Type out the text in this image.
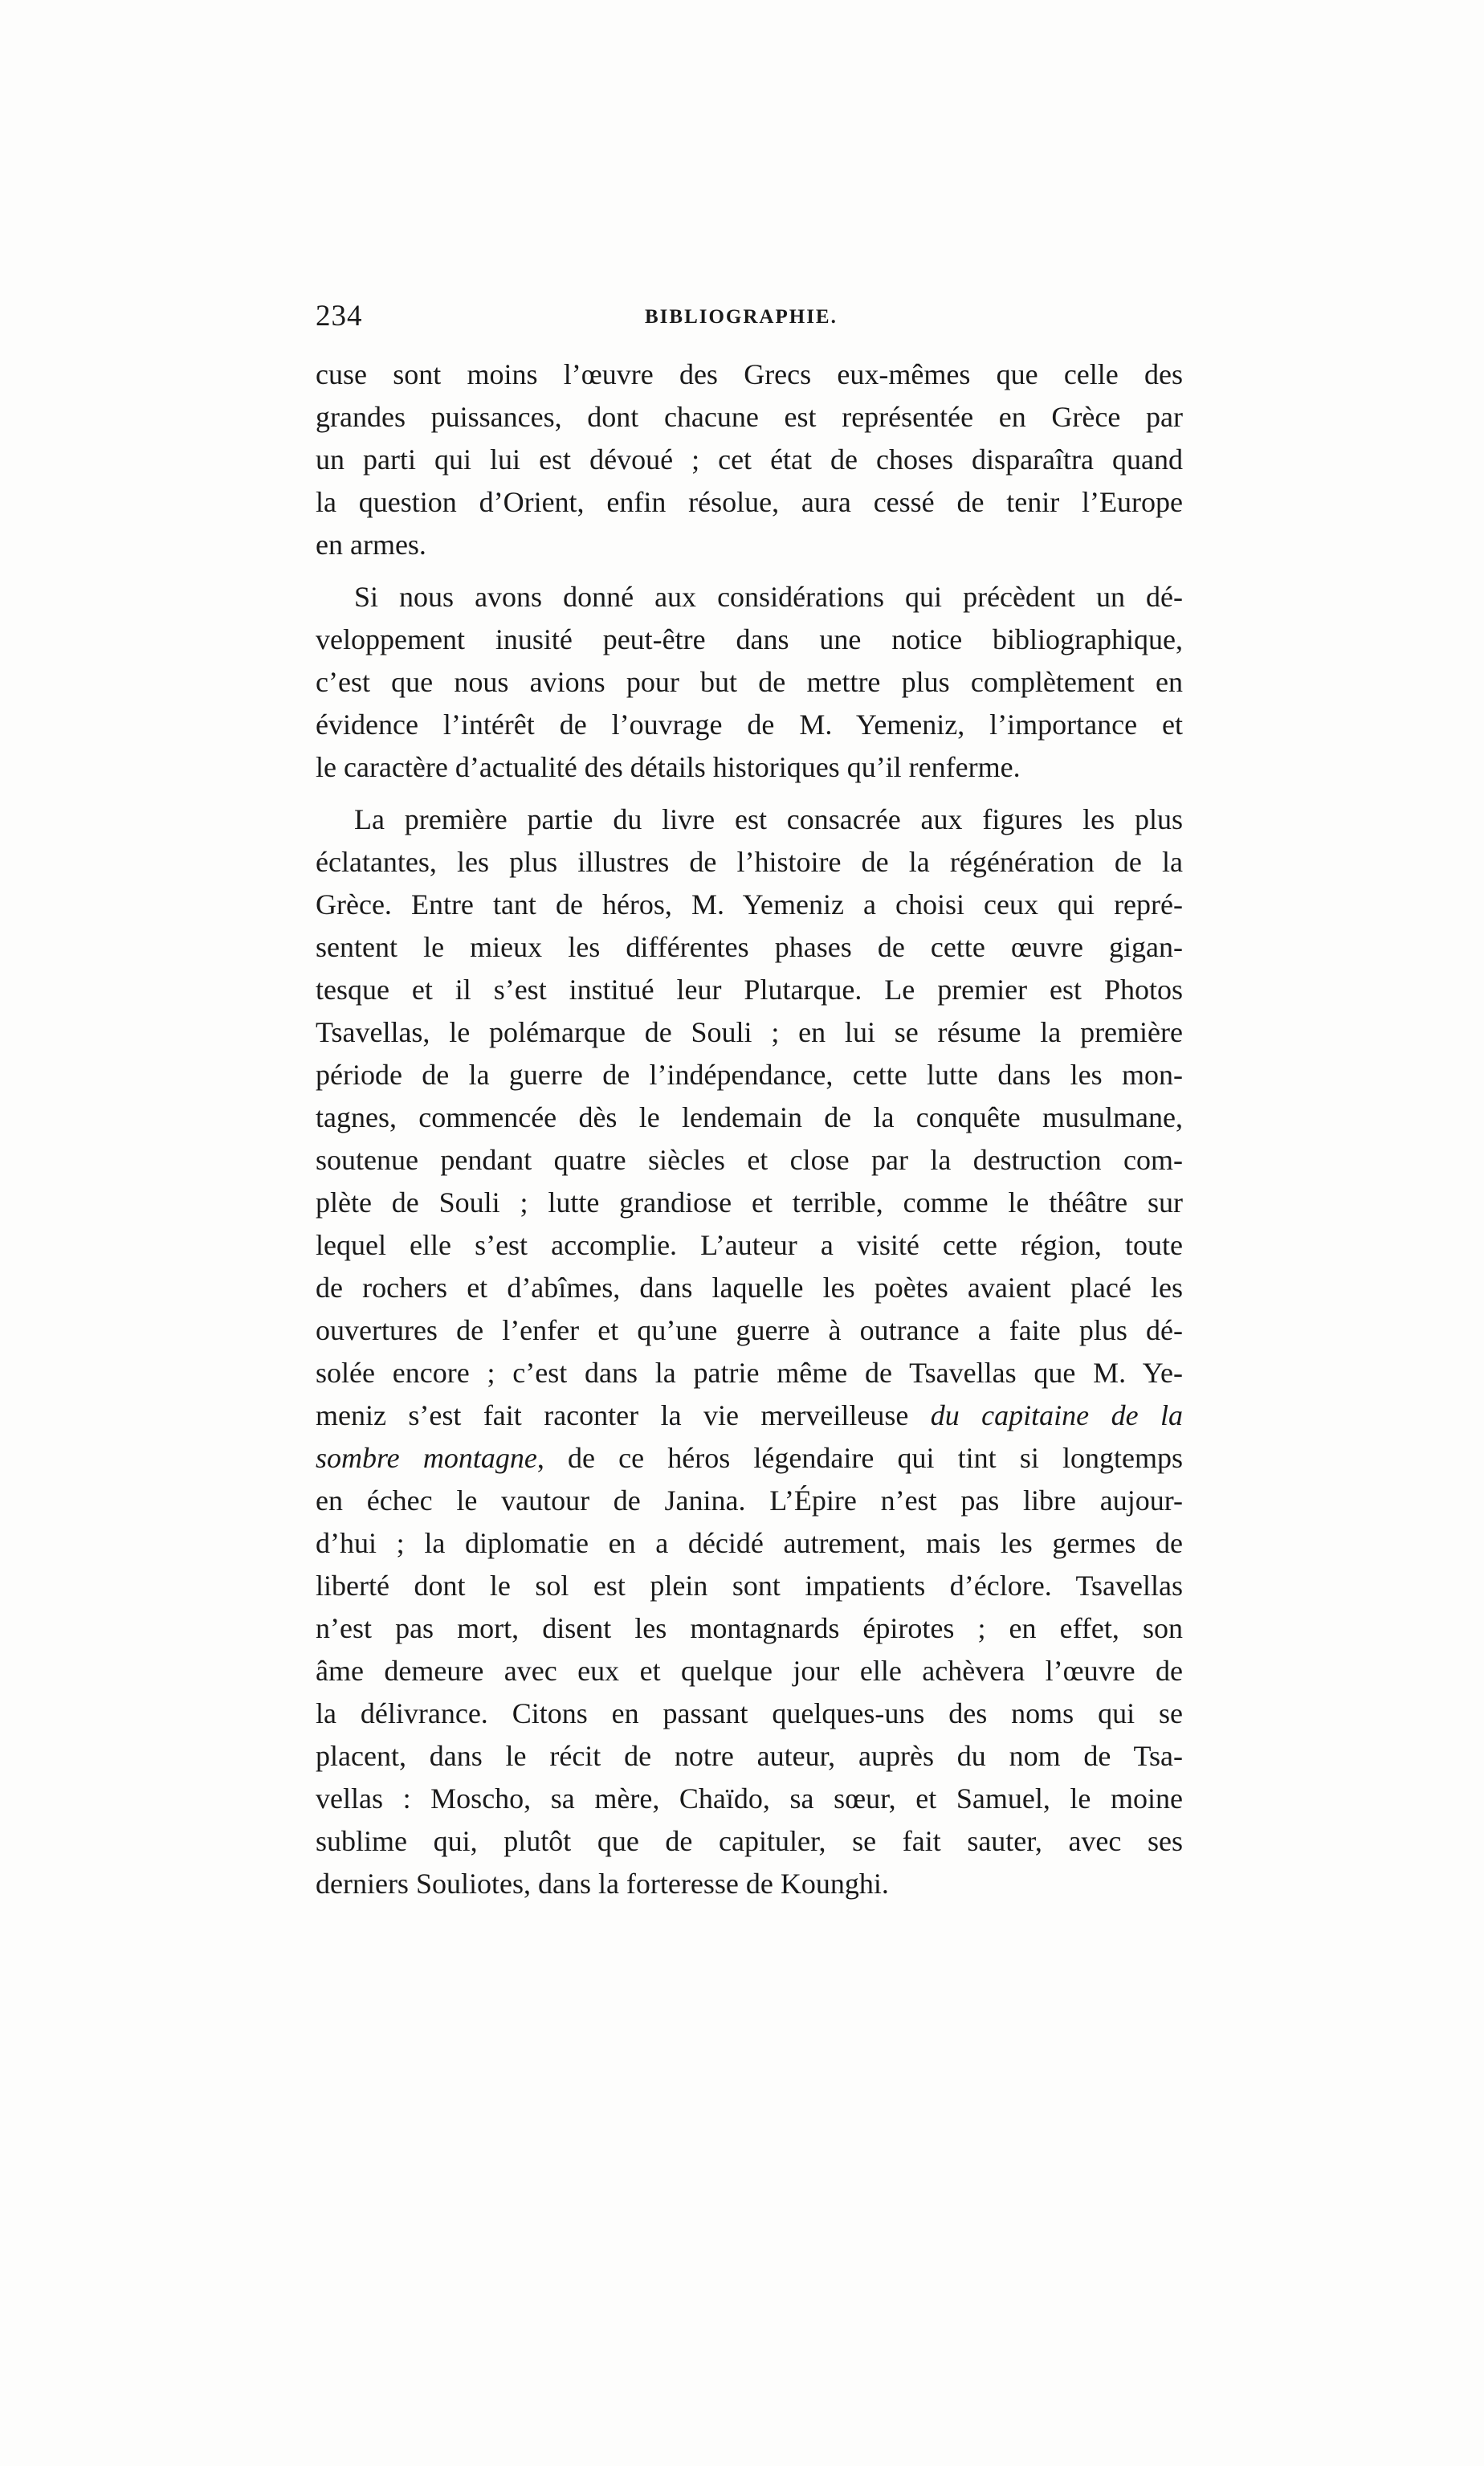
234	BIBLIOGRAPHIE.
cuse sont moins l’œuvre des Grecs eux-mêmes que celle des
grandes puissances, dont chacune est représentée en Grèce par
un parti qui lui est dévoué ; cet état de choses disparaîtra quand
la question d’Orient, enfin résolue, aura cessé de tenir l’Europe
en armes.
Si nous avons donné aux considérations qui précèdent un dé-
veloppement inusité peut-être dans une notice bibliographique,
c’est que nous avions pour but de mettre plus complètement en
évidence l’intérêt de l’ouvrage de M. Yemeniz, l’importance et
le caractère d’actualité des détails historiques qu’il renferme.
La première partie du livre est consacrée aux figures les plus
éclatantes, les plus illustres de l’histoire de la régénération de la
Grèce. Entre tant de héros, M. Yemeniz a choisi ceux qui repré-
sentent le mieux les différentes phases de cette œuvre gigan-
tesque et il s’est institué leur Plutarque. Le premier est Photos
Tsavellas, le polémarque de Souli ; en lui se résume la première
période de la guerre de l’indépendance, cette lutte dans les mon-
tagnes, commencée dès le lendemain de la conquête musulmane,
soutenue pendant quatre siècles et close par la destruction com-
plète de Souli ; lutte grandiose et terrible, comme le théâtre sur
lequel elle s’est accomplie. L’auteur a visité cette région, toute
de rochers et d’abîmes, dans laquelle les poètes avaient placé les
ouvertures de l’enfer et qu’une guerre à outrance a faite plus dé-
solée encore ; c’est dans la patrie même de Tsavellas que M. Ye-
meniz s’est fait raconter la vie merveilleuse du capitaine de la
sombre montagne, de ce héros légendaire qui tint si longtemps
en échec le vautour de Janina. L’Épire n’est pas libre aujour-
d’hui ; la diplomatie en a décidé autrement, mais les germes de
liberté dont le sol est plein sont impatients d’éclore. Tsavellas
n’est pas mort, disent les montagnards épirotes ; en effet, son
âme demeure avec eux et quelque jour elle achèvera l’œuvre de
la délivrance. Citons en passant quelques-uns des noms qui se
placent, dans le récit de notre auteur, auprès du nom de Tsa-
vellas : Moscho, sa mère, Chaïdo, sa sœur, et Samuel, le moine
sublime qui, plutôt que de capituler, se fait sauter, avec ses
derniers Souliotes, dans la forteresse de Kounghi.
